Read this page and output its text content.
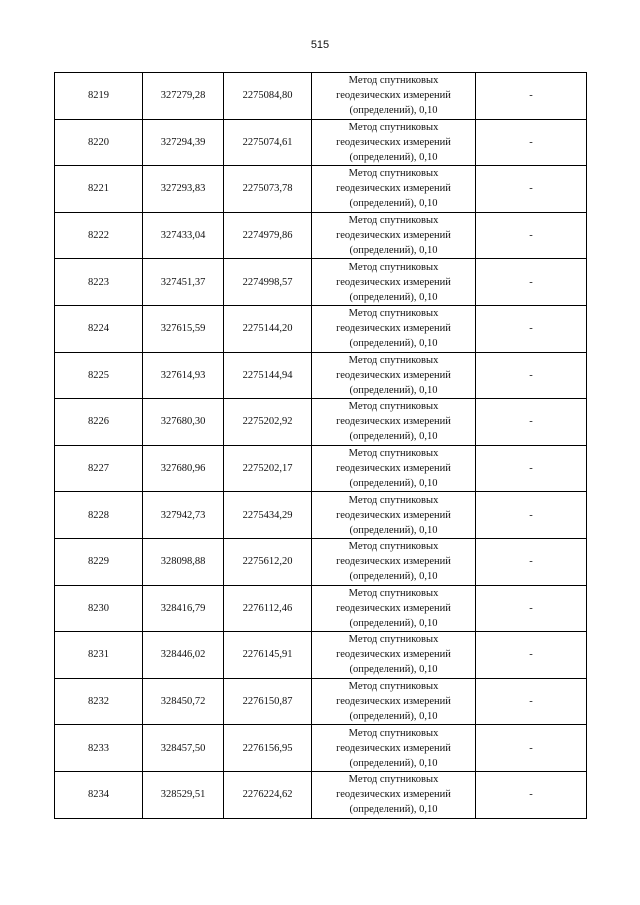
515
8219	327279,28	2275084,80	Метод спутниковых
геодезических измерений
(определений), 0,10	-
8220	327294,39	2275074,61	Метод спутниковых
геодезических измерений
(определений), 0,10	-
8221	327293,83	2275073,78	Метод спутниковых
геодезических измерений
(определений), 0,10	-
8222	327433,04	2274979,86	Метод спутниковых
геодезических измерений
(определений), 0,10	-
8223	327451,37	2274998,57	Метод спутниковых
геодезических измерений
(определений), 0,10	-
8224	327615,59	2275144,20	Метод спутниковых
геодезических измерений
(определений), 0,10	-
8225	327614,93	2275144,94	Метод спутниковых
геодезических измерений
(определений), 0,10	-
8226	327680,30	2275202,92	Метод спутниковых
геодезических измерений
(определений), 0,10	-
8227	327680,96	2275202,17	Метод спутниковых
геодезических измерений
(определений), 0,10	-
8228	327942,73	2275434,29	Метод спутниковых
геодезических измерений
(определений), 0,10	-
8229	328098,88	2275612,20	Метод спутниковых
геодезических измерений
(определений), 0,10	-
8230	328416,79	2276112,46	Метод спутниковых
геодезических измерений
(определений), 0,10	-
8231	328446,02	2276145,91	Метод спутниковых
геодезических измерений
(определений), 0,10	-
8232	328450,72	2276150,87	Метод спутниковых
геодезических измерений
(определений), 0,10	-
8233	328457,50	2276156,95	Метод спутниковых
геодезических измерений
(определений), 0,10	-
8234	328529,51	2276224,62	Метод спутниковых
геодезических измерений
(определений), 0,10	-
